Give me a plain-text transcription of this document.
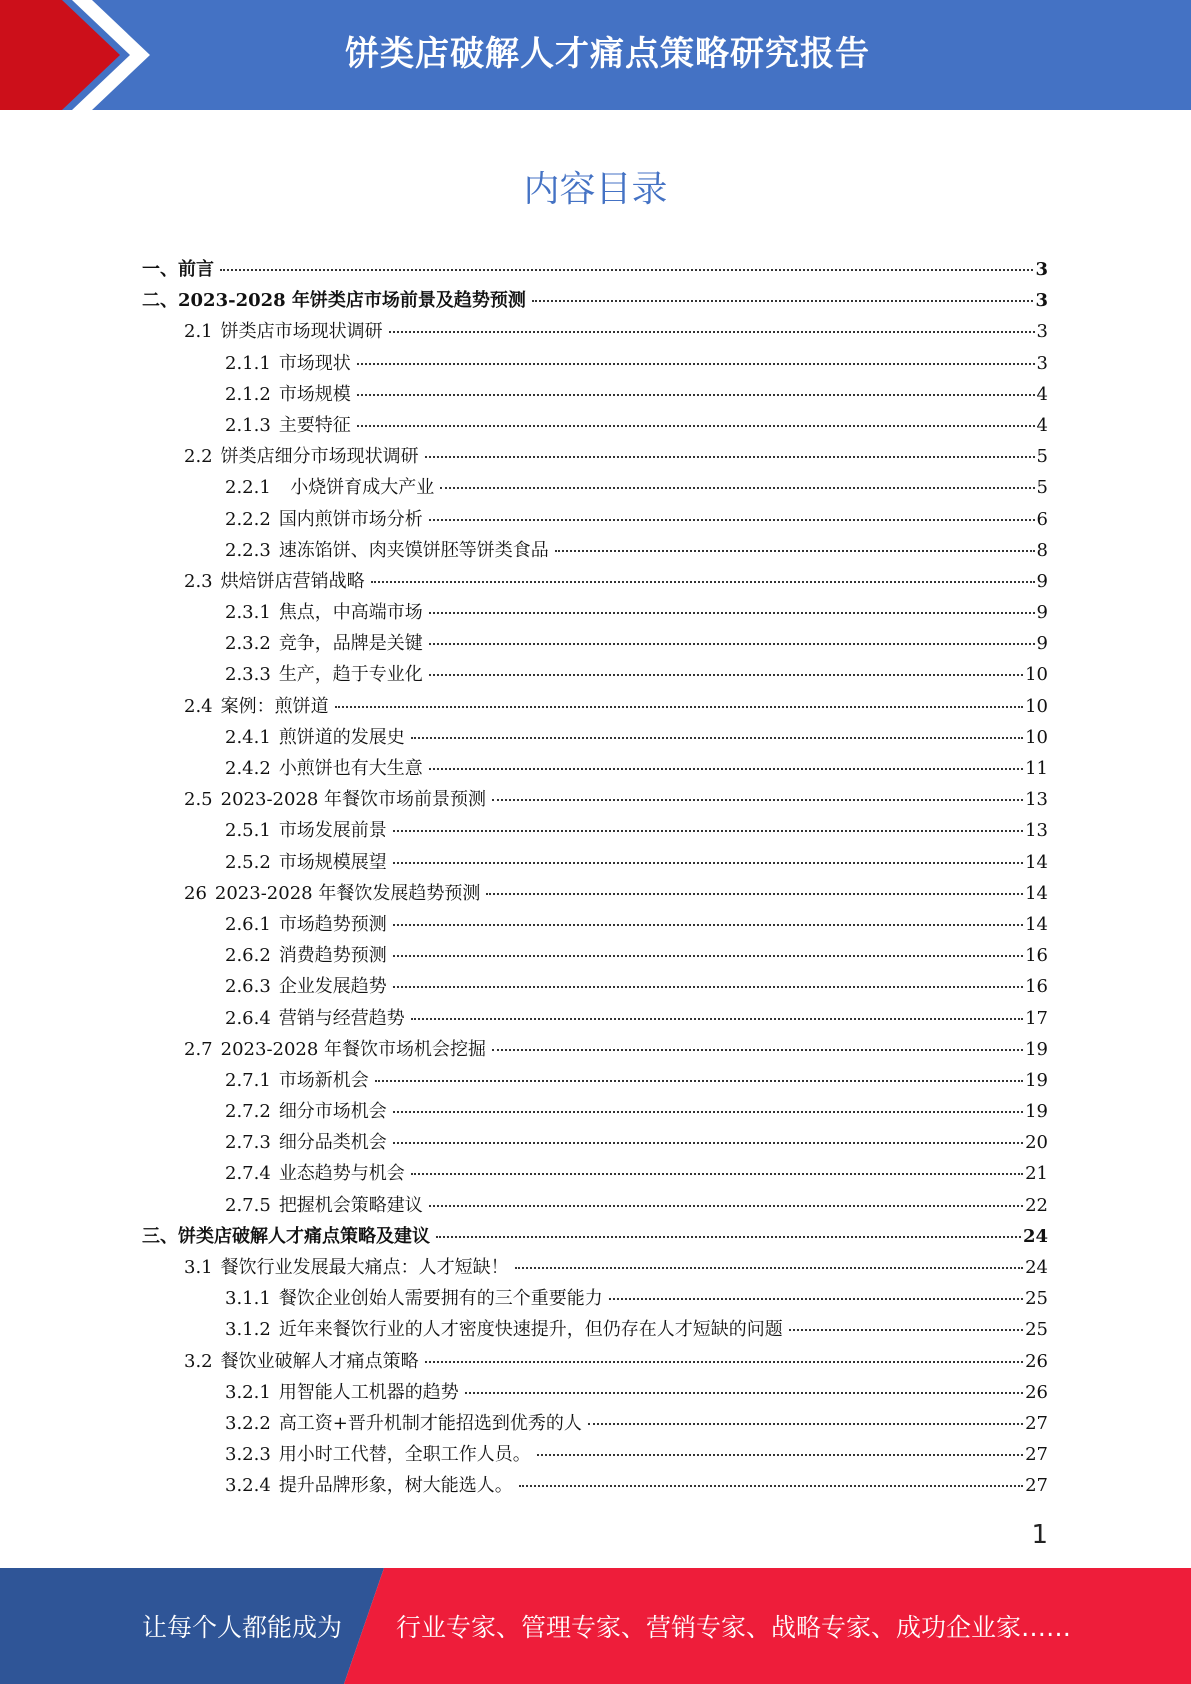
饼类店破解人才痛点策略研究报告
内容目录
一、 前言	3
二、 2023-2028 年饼类店市场前景及趋势预测	3
2.1 饼类店市场现状调研	3
2.1.1 市场现状	3
2.1.2 市场规模	4
2.1.3 主要特征	4
2.2 饼类店细分市场现状调研	5
2.2.1 小烧饼育成大产业	5
2.2.2 国内煎饼市场分析	6
2.2.3 速冻馅饼、肉夹馍饼胚等饼类食品	8
2.3 烘焙饼店营销战略	9
2.3.1 焦点，中高端市场	9
2.3.2 竞争，品牌是关键	9
2.3.3 生产，趋于专业化	10
2.4 案例：煎饼道	10
2.4.1 煎饼道的发展史	10
2.4.2 小煎饼也有大生意	11
2.5 2023-2028 年餐饮市场前景预测	13
2.5.1 市场发展前景	13
2.5.2 市场规模展望	14
26 2023-2028 年餐饮发展趋势预测	14
2.6.1 市场趋势预测	14
2.6.2 消费趋势预测	16
2.6.3 企业发展趋势	16
2.6.4 营销与经营趋势	17
2.7 2023-2028 年餐饮市场机会挖掘	19
2.7.1 市场新机会	19
2.7.2 细分市场机会	19
2.7.3 细分品类机会	20
2.7.4 业态趋势与机会	21
2.7.5 把握机会策略建议	22
三、 饼类店破解人才痛点策略及建议	24
3.1 餐饮行业发展最大痛点：人才短缺！	24
3.1.1 餐饮企业创始人需要拥有的三个重要能力	25
3.1.2 近年来餐饮行业的人才密度快速提升，但仍存在人才短缺的问题	25
3.2 餐饮业破解人才痛点策略	26
3.2.1 用智能人工机器的趋势	26
3.2.2 高工资+晋升机制才能招选到优秀的人	27
3.2.3 用小时工代替，全职工作人员。	27
3.2.4 提升品牌形象，树大能选人。	27
1
让每个人都能成为	行业专家、管理专家、营销专家、战略专家、成功企业家……
